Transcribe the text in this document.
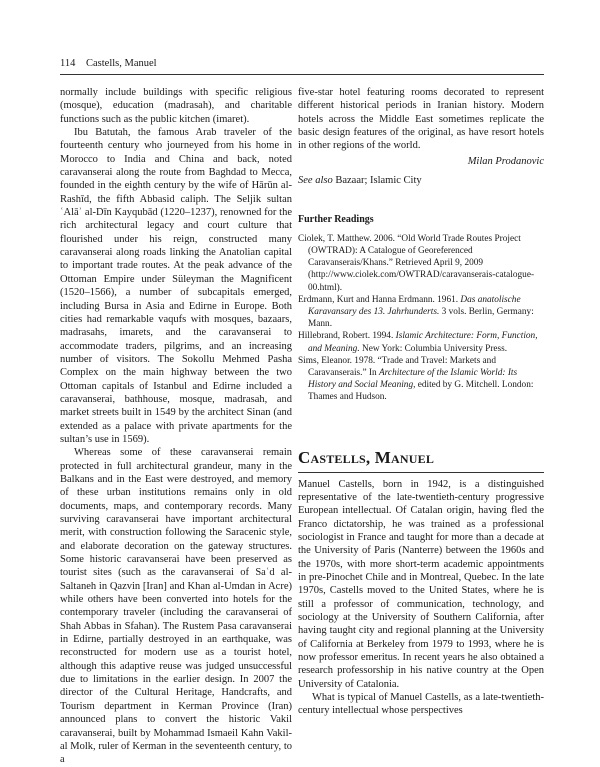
114 Castells, Manuel

normally include buildings with specific religious (mosque), education (madrasah), and charitable functions such as the public kitchen (imaret).

Ibu Batutah, the famous Arab traveler of the fourteenth century who journeyed from his home in Morocco to India and China and back, noted caravanserai along the route from Baghdad to Mecca, founded in the eighth century by the wife of Hārūn al-Rashīd, the fifth Abbasid caliph. The Seljik sultan ʿAlāʾ al-Dīn Kayqubād (1220–1237), renowned for the rich architectural legacy and court culture that flourished under his reign, constructed many caravanserai along roads linking the Anatolian capital to important trade routes. At the peak advance of the Ottoman Empire under Süleyman the Magnificent (1520–1566), a number of subcapitals emerged, including Bursa in Asia and Edirne in Europe. Both cities had remarkable vaqufs with mosques, bazaars, madrasahs, imarets, and the caravanserai to accommodate traders, pilgrims, and an increasing number of visitors. The Sokollu Mehmed Pasha Complex on the main highway between the two Ottoman capitals of Istanbul and Edirne included a caravanserai, bathhouse, mosque, madrasah, and market streets built in 1549 by the architect Sinan (and extended as a palace with private apartments for the sultan’s use in 1569).

Whereas some of these caravanserai remain protected in full architectural grandeur, many in the Balkans and in the East were destroyed, and memory of these urban institutions remains only in old documents, maps, and contemporary records. Many surviving caravanserai have important architectural merit, with construction following the Saracenic style, and elaborate decoration on the gateway structures. Some historic caravanserai have been preserved as tourist sites (such as the caravanserai of Saʿd al-Saltaneh in Qazvin [Iran] and Khan al-Umdan in Acre) while others have been converted into hotels for the contemporary traveler (including the caravanserai of Shah Abbas in Sfahan). The Rustem Pasa caravanserai in Edirne, partially destroyed in an earthquake, was reconstructed for modern use as a tourist hotel, although this adaptive reuse was judged unsuccessful due to limitations in the earlier design. In 2007 the director of the Cultural Heritage, Handcrafts, and Tourism department in Kerman Province (Iran) announced plans to convert the historic Vakil caravanserai, built by Mohammad Ismaeil Kahn Vakil-al Molk, ruler of Kerman in the seventeenth century, to a

five-star hotel featuring rooms decorated to represent different historical periods in Iranian history. Modern hotels across the Middle East sometimes replicate the basic design features of the original, as have resort hotels in other regions of the world.

Milan Prodanovic

See also Bazaar; Islamic City

Further Readings

Ciolek, T. Matthew. 2006. “Old World Trade Routes Project (OWTRAD): A Catalogue of Georeferenced Caravanserais/Khans.” Retrieved April 9, 2009 (http://www.ciolek.com/OWTRAD/caravanserais-catalogue-00.html).

Erdmann, Kurt and Hanna Erdmann. 1961. Das anatolische Karavansary des 13. Jahrhunderts. 3 vols. Berlin, Germany: Mann.

Hillebrand, Robert. 1994. Islamic Architecture: Form, Function, and Meaning. New York: Columbia University Press.

Sims, Eleanor. 1978. “Trade and Travel: Markets and Caravanserais.” In Architecture of the Islamic World: Its History and Social Meaning, edited by G. Mitchell. London: Thames and Hudson.

Castells, Manuel

Manuel Castells, born in 1942, is a distinguished representative of the late-twentieth-century progressive European intellectual. Of Catalan origin, having fled the Franco dictatorship, he was trained as a professional sociologist in France and taught for more than a decade at the University of Paris (Nanterre) between the 1960s and the 1970s, with more short-term academic appointments in pre-Pinochet Chile and in Montreal, Quebec. In the late 1970s, Castells moved to the United States, where he is still a professor of communication, technology, and sociology at the University of Southern California, after having taught city and regional planning at the University of California at Berkeley from 1979 to 1993, where he is now professor emeritus. In recent years he also obtained a research professorship in his native country at the Open University of Catalonia.

What is typical of Manuel Castells, as a late-twentieth-century intellectual whose perspectives
